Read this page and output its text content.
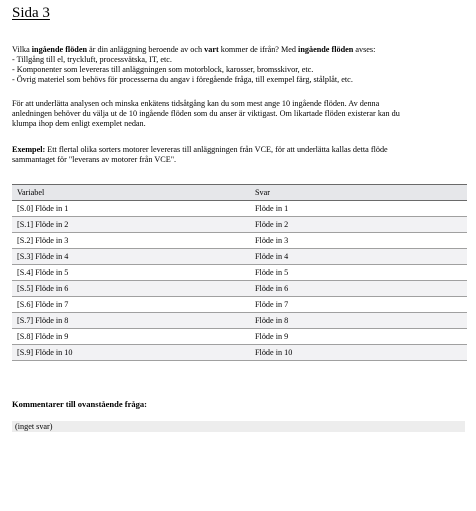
Sida 3
Vilka ingående flöden är din anläggning beroende av och vart kommer de ifrån? Med ingående flöden avses:
- Tillgång till el, tryckluft, processvätska, IT, etc.
- Komponenter som levereras till anläggningen som motorblock, karosser, bromsskivor, etc.
- Övrig materiel som behövs för processerna du angav i föregående fråga, till exempel färg, stålplåt, etc.
För att underlätta analysen och minska enkätens tidsåtgång kan du som mest ange 10 ingående flöden. Av denna
anledningen behöver du välja ut de 10 ingående flöden som du anser är viktigast. Om likartade flöden existerar kan du
klumpa ihop dem enligt exemplet nedan.
Exempel: Ett flertal olika sorters motorer levereras till anläggningen från VCE, för att underlätta kallas detta flöde
sammantaget för "leverans av motorer från VCE".
Variabel	Svar
[S.0] Flöde in 1	Flöde in 1
[S.1] Flöde in 2	Flöde in 2
[S.2] Flöde in 3	Flöde in 3
[S.3] Flöde in 4	Flöde in 4
[S.4] Flöde in 5	Flöde in 5
[S.5] Flöde in 6	Flöde in 6
[S.6] Flöde in 7	Flöde in 7
[S.7] Flöde in 8	Flöde in 8
[S.8] Flöde in 9	Flöde in 9
[S.9] Flöde in 10	Flöde in 10
Kommentarer till ovanstående fråga:
(inget svar)
